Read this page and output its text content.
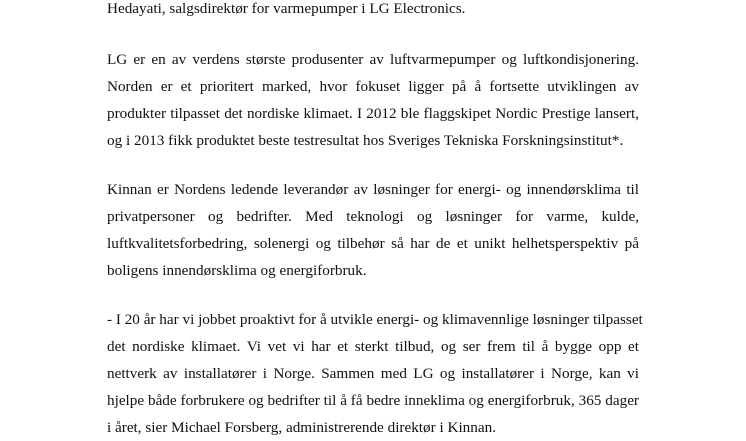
Hedayati, salgsdirektør for varmepumper i LG Electronics.

LG er en av verdens største produsenter av luftvarmepumper og luftkondisjonering.
Norden er et prioritert marked, hvor fokuset ligger på å fortsette utviklingen av
produkter tilpasset det nordiske klimaet. I 2012 ble flaggskipet Nordic Prestige lansert,
og i 2013 fikk produktet beste testresultat hos Sveriges Tekniska Forskningsinstitut*.

Kinnan er Nordens ledende leverandør av løsninger for energi- og innendørsklima til
privatpersoner og bedrifter. Med teknologi og løsninger for varme, kulde,
luftkvalitetsforbedring, solenergi og tilbehør så har de et unikt helhetsperspektiv på
boligens innendørsklima og energiforbruk.

- I 20 år har vi jobbet proaktivt for å utvikle energi- og klimavennlige løsninger tilpasset
det nordiske klimaet. Vi vet vi har et sterkt tilbud, og ser frem til å bygge opp et
nettverk av installatører i Norge. Sammen med LG og installatører i Norge, kan vi
hjelpe både forbrukere og bedrifter til å få bedre inneklima og energiforbruk, 365 dager
i året, sier Michael Forsberg, administrerende direktør i Kinnan.
